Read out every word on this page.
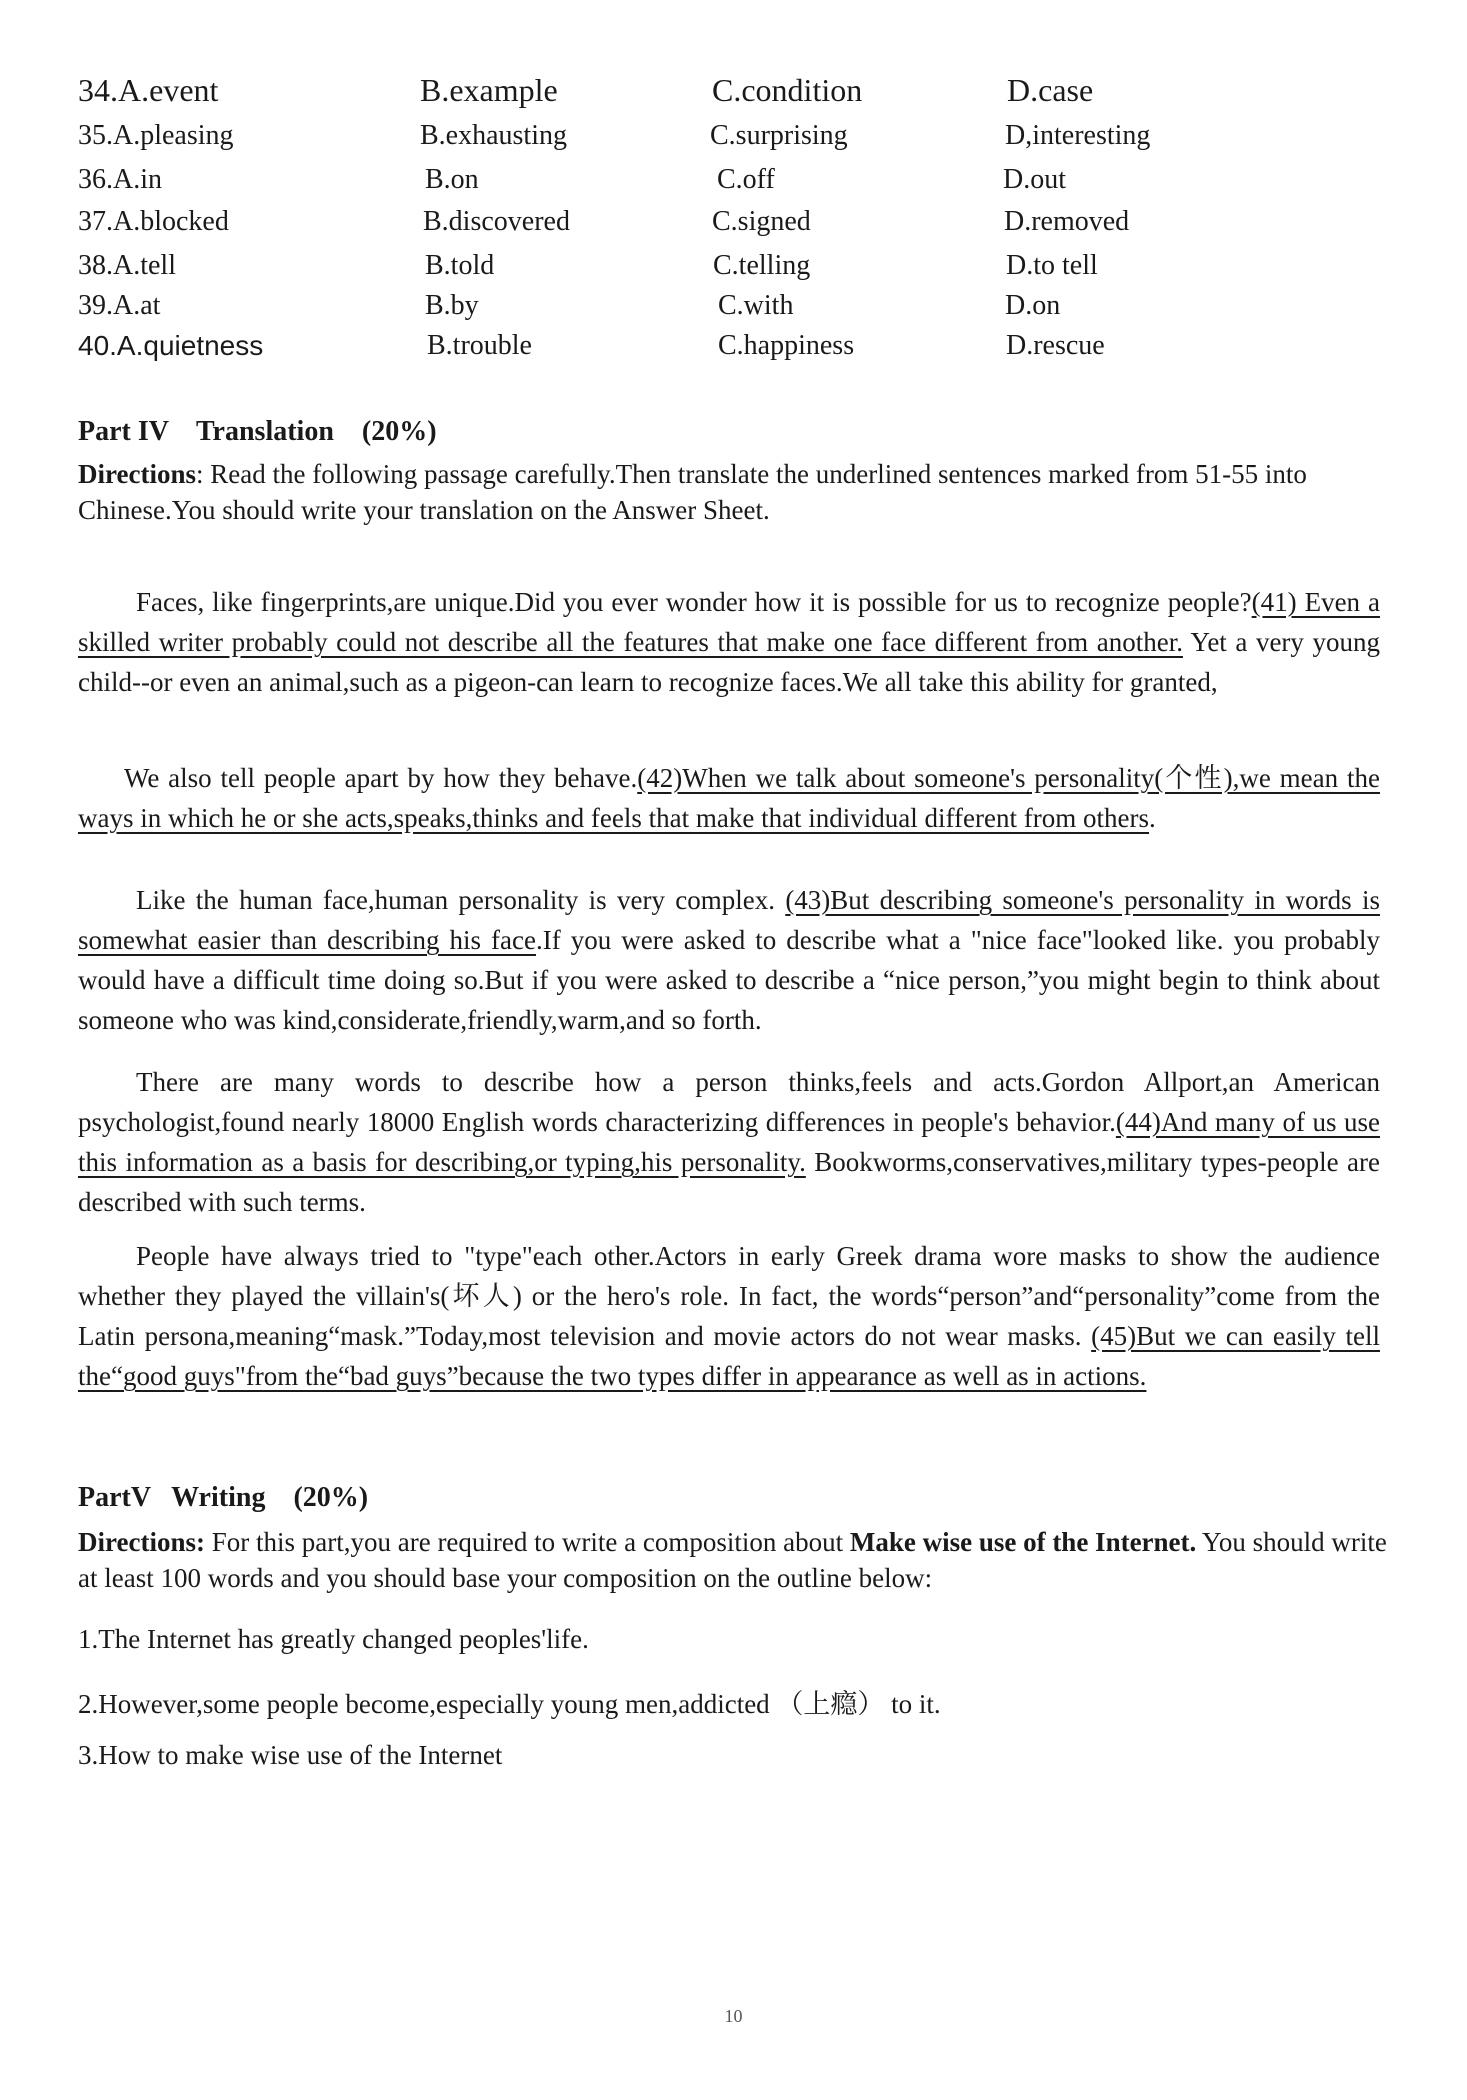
34.A.event	B.example	C.condition	D.case
35.A.pleasing	B.exhausting	C.surprising	D,interesting
36.A.in	B.on	C.off	D.out
37.A.blocked	B.discovered	C.signed	D.removed
38.A.tell	B.told	C.telling	D.to tell
39.A.at	B.by	C.with	D.on
40.A.quietness	B.trouble	C.happiness	D.rescue
Part IV    Translation    (20%)
Directions: Read the following passage carefully.Then translate the underlined sentences marked from 51-55 into Chinese.You should write your translation on the Answer Sheet.
Faces, like fingerprints,are unique.Did you ever wonder how it is possible for us to recognize people?(41) Even a skilled writer probably could not describe all the features that make one face different from another. Yet a very young child--or even an animal,such as a pigeon-can learn to recognize faces.We all take this ability for granted,
We also tell people apart by how they behave.(42)When we talk about someone's personality(个性),we mean the ways in which he or she acts,speaks,thinks and feels that make that individual different from others.
Like the human face,human personality is very complex. (43)But describing someone's personality in words is somewhat easier than describing his face.If you were asked to describe what a "nice face"looked like. you probably would have a difficult time doing so.But if you were asked to describe a “nice person,”you might begin to think about someone who was kind,considerate,friendly,warm,and so forth.
There are many words to describe how a person thinks,feels and acts.Gordon Allport,an American psychologist,found nearly 18000 English words characterizing differences in people's behavior.(44)And many of us use this information as a basis for describing,or typing,his personality. Bookworms,conservatives,military types-people are described with such terms.
People have always tried to "type"each other.Actors in early Greek drama wore masks to show the audience whether they played the villain's(坏人) or the hero's role. In fact, the words“person”and“personality”come from the Latin persona,meaning“mask.”Today,most television and movie actors do not wear masks. (45)But we can easily tell the“good guys"from the“bad guys”because the two types differ in appearance as well as in actions.
PartV   Writing    (20%)
Directions: For this part,you are required to write a composition about Make wise use of the Internet. You should write at least 100 words and you should base your composition on the outline below:
1.The Internet has greatly changed peoples'life.
2.However,some people become,especially young men,addicted （上瘾） to it.
3.How to make wise use of the Internet
10
